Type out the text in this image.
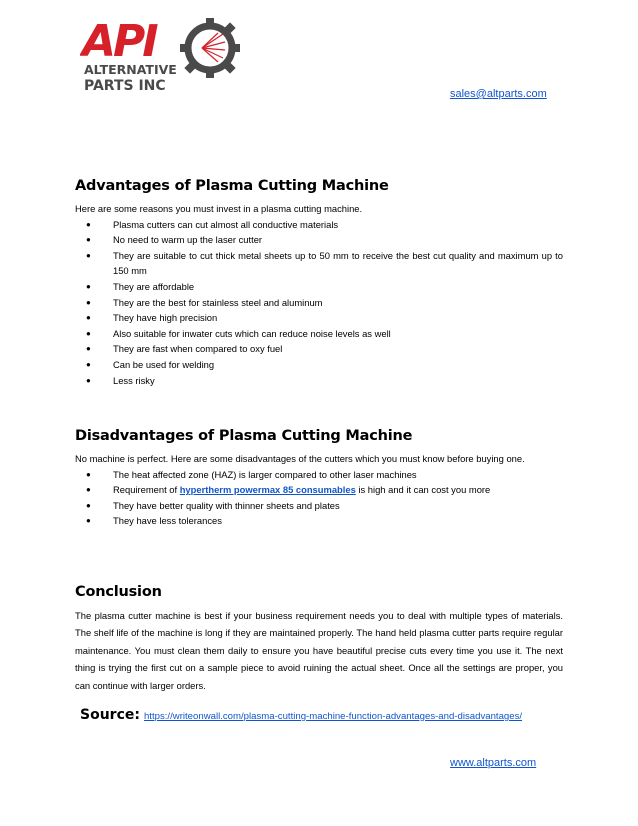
API
ALTERNATIVE
PARTS INC	sales@altparts.com
Advantages of Plasma Cutting Machine

Here are some reasons you must invest in a plasma cutting machine.

● Plasma cutters can cut almost all conductive materials
● No need to warm up the laser cutter
● They are suitable to cut thick metal sheets up to 50 mm to receive the best cut quality and maximum up to 150 mm
● They are affordable
● They are the best for stainless steel and aluminum
● They have high precision
● Also suitable for inwater cuts which can reduce noise levels as well
● They are fast when compared to oxy fuel
● Can be used for welding
● Less risky
Disadvantages of Plasma Cutting Machine

No machine is perfect. Here are some disadvantages of the cutters which you must know before buying one.

● The heat affected zone (HAZ) is larger compared to other laser machines
● Requirement of hypertherm powermax 85 consumables is high and it can cost you more
● They have better quality with thinner sheets and plates
● They have less tolerances
Conclusion

The plasma cutter machine is best if your business requirement needs you to deal with multiple types of materials. The shelf life of the machine is long if they are maintained properly. The hand held plasma cutter parts require regular maintenance. You must clean them daily to ensure you have beautiful precise cuts every time you use it. The next thing is trying the first cut on a sample piece to avoid ruining the actual sheet. Once all the settings are proper, you can continue with larger orders.

Source: https://writeonwall.com/plasma-cutting-machine-function-advantages-and-disadvantages/
www.altparts.com
